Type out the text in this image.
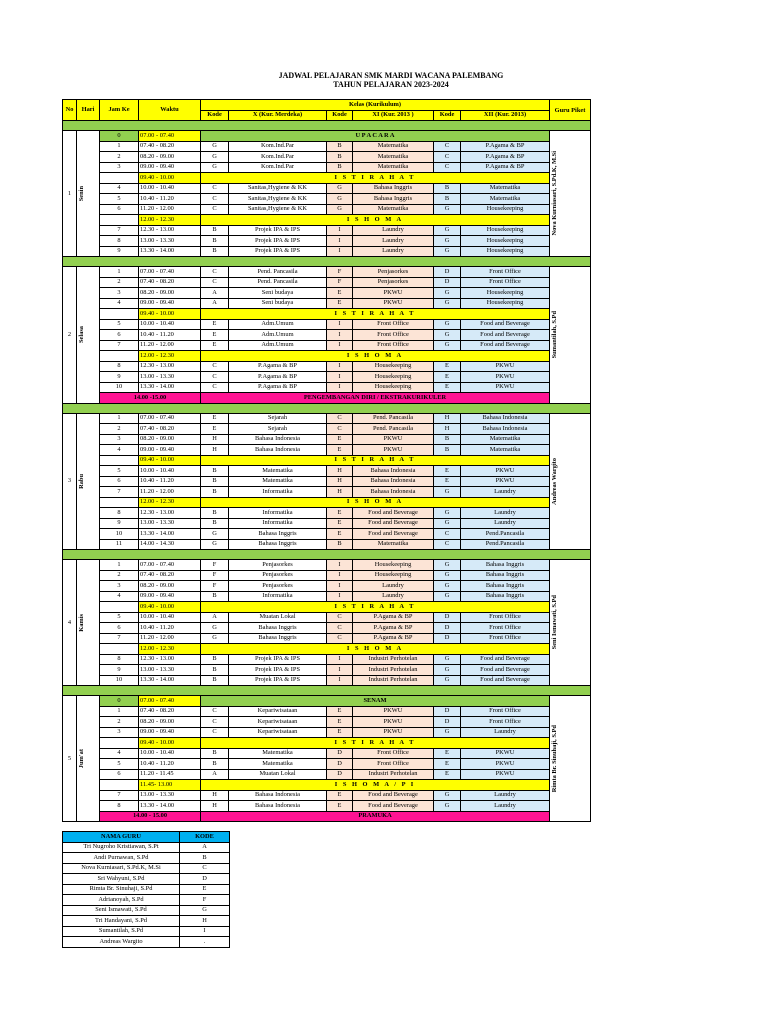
JADWAL PELAJARAN SMK MARDI WACANA PALEMBANG
TAHUN PELAJARAN 2023-2024
No	Hari	Jam Ke	Waktu	Kelas (Kurikulum)						Guru Piket
				Kode	X (Kur. Merdeka)	Kode	XI (Kur. 2013 )	Kode	XII (Kur. 2013)	

1	Senin	0	07.00 - 07.40	U P A C A R A						Nova Kurniasari, S.Pd.K, M.Si

		1	07.40 - 08.20	G	Kom.Ind.Par	B	Matematika	C	P.Agama & BP	
		2	08.20 - 09.00	G	Kom.Ind.Par	B	Matematika	C	P.Agama & BP	
		3	09.00 - 09.40	G	Kom.Ind.Par	B	Matematika	C	P.Agama & BP	
			09.40 - 10.00	I S T I R A H A T						
		4	10.00 - 10.40	C	Sanitas,Hygiene & KK	G	Bahasa Inggris	B	Matematika	
		5	10.40 - 11.20	C	Sanitas,Hygiene & KK	G	Bahasa Inggris	B	Matematika	
		6	11.20 - 12.00	C	Sanitas,Hygiene & KK	G	Matematika	G	Housekeeping	
			12.00 - 12.30	I S H O M A						
		7	12.30 - 13.00	B	Projek IPA & IPS	I	Laundry	G	Housekeeping	
		8	13.00 - 13.30	B	Projek IPA & IPS	I	Laundry	G	Housekeeping	
		9	13.30 - 14.00	B	Projek IPA & IPS	I	Laundry	G	Housekeeping	

2	Selasa	1	07.00 - 07.40	C	Pend. Pancasila	F	Penjasorkes	D	Front Office	Sumantilah, S.Pd

		2	07.40 - 08.20	C	Pend. Pancasila	F	Penjasorkes	D	Front Office	
		3	08.20 - 09.00	A	Seni budaya	E	PKWU	G	Housekeeping	
		4	09.00 - 09.40	A	Seni budaya	E	PKWU	G	Housekeeping	
			09.40 - 10.00	I S T I R A H A T						
		5	10.00 - 10.40	E	Adm.Umum	I	Front Office	G	Food and Beverage	
		6	10.40 - 11.20	E	Adm.Umum	I	Front Office	G	Food and Beverage	
		7	11.20 - 12.00	E	Adm.Umum	I	Front Office	G	Food and Beverage	
			12.00 - 12.30	I S H O M A						
		8	12.30 - 13.00	C	P.Agama & BP	I	Housekeeping	E	PKWU	
		9	13.00 - 13.30	C	P.Agama & BP	I	Housekeeping	E	PKWU	
		10	13.30 - 14.00	C	P.Agama & BP	I	Housekeeping	E	PKWU	
		14.00 -15.00		PENGEMBANGAN DIRI / EKSTRAKURIKULER						

3	Rabu	1	07.00 - 07.40	E	Sejarah	C	Pend. Pancasila	H	Bahasa Indonesia	Andreas Wargito

		2	07.40 - 08.20	E	Sejarah	C	Pend. Pancasila	H	Bahasa Indonesia	
		3	08.20 - 09.00	H	Bahasa Indonesia	E	PKWU	B	Matematika	
		4	09.00 - 09.40	H	Bahasa Indonesia	E	PKWU	B	Matematika	
			09.40 - 10.00	I S T I R A H A T						
		5	10.00 - 10.40	B	Matematika	H	Bahasa Indonesia	E	PKWU	
		6	10.40 - 11.20	B	Matematika	H	Bahasa Indonesia	E	PKWU	
		7	11.20 - 12.00	B	Informatika	H	Bahasa Indonesia	G	Laundry	
			12.00 - 12.30	I S H O M A						
		8	12.30 - 13.00	B	Informatika	E	Food and Beverage	G	Laundry	
		9	13.00 - 13.30	B	Informatika	E	Food and Beverage	G	Laundry	
		10	13.30 - 14.00	G	Bahasa Inggris	E	Food and Beverage	C	Pend.Pancasila	
		11	14.00 - 14.30	G	Bahasa Inggris	B	Matematika	C	Pend.Pancasila	

4	Kamis	1	07.00 - 07.40	F	Penjasorkes	I	Housekeeping	G	Bahasa Inggris	Seni Ismawati, S.Pd

		2	07.40 - 08.20	F	Penjasorkes	I	Housekeeping	G	Bahasa Inggris	
		3	08.20 - 09.00	F	Penjasorkes	I	Laundry	G	Bahasa Inggris	
		4	09.00 - 09.40	B	Informatika	I	Laundry	G	Bahasa Inggris	
			09.40 - 10.00	I S T I R A H A T						
		5	10.00 - 10.40	A	Muatan Lokal	C	P.Agama & BP	D	Front Office	
		6	10.40 - 11.20	G	Bahasa Inggris	C	P.Agama & BP	D	Front Office	
		7	11.20 - 12.00	G	Bahasa Inggris	C	P.Agama & BP	D	Front Office	
			12.00 - 12.30	I S H O M A						
		8	12.30 - 13.00	B	Projek IPA & IPS	I	Industri Perhotelan	G	Food and Beverage	
		9	13.00 - 13.30	B	Projek IPA & IPS	I	Industri Perhotelan	G	Food and Beverage	
		10	13.30 - 14.00	B	Projek IPA & IPS	I	Industri Perhotelan	G	Food and Beverage	

5	Jum'at	0	07.00 - 07.40	SENAM						Rimta Br. Sinuhaji, S.Pd

		1	07.40 - 08.20	C	Kepariwisataan	E	PKWU	D	Front Office	
		2	08.20 - 09.00	C	Kepariwisataan	E	PKWU	D	Front Office	
		3	09.00 - 09.40	C	Kepariwisataan	E	PKWU	G	Laundry	
			09.40 - 10.00	I S T I R A H A T						
		4	10.00 - 10.40	B	Matematika	D	Front Office	E	PKWU	
		5	10.40 - 11.20	B	Matematika	D	Front Office	E	PKWU	
		6	11.20 - 11.45	A	Muatan Lokal	D	Industri Perhotelan	E	PKWU	
			11.45- 13.00	I S H O M A / P I						
		7	13.00 - 13.30	H	Bahasa Indonesia	E	Food and Beverage	G	Laundry	
		8	13.30 - 14.00	H	Bahasa Indonesia	E	Food and Beverage	G	Laundry	
		14.00 - 15.00		PRAMUKA						
NAMA GURU	KODE
Tri Nugroho Kristiawan, S.Pt	A
Andi Purnawan, S.Pd	B
Nova Kurniasari, S.Pd.K, M.Si	C
Sri Wahyuni, S.Pd	D
Rimta Br. Sinuhaji, S.Pd	E
Adrianoyah, S.Pd	F
Seni Ismawati, S.Pd	G
Tri Handayani, S.Pd	H
Sumantilah, S.Pd	I
Andreas Wargito	.
